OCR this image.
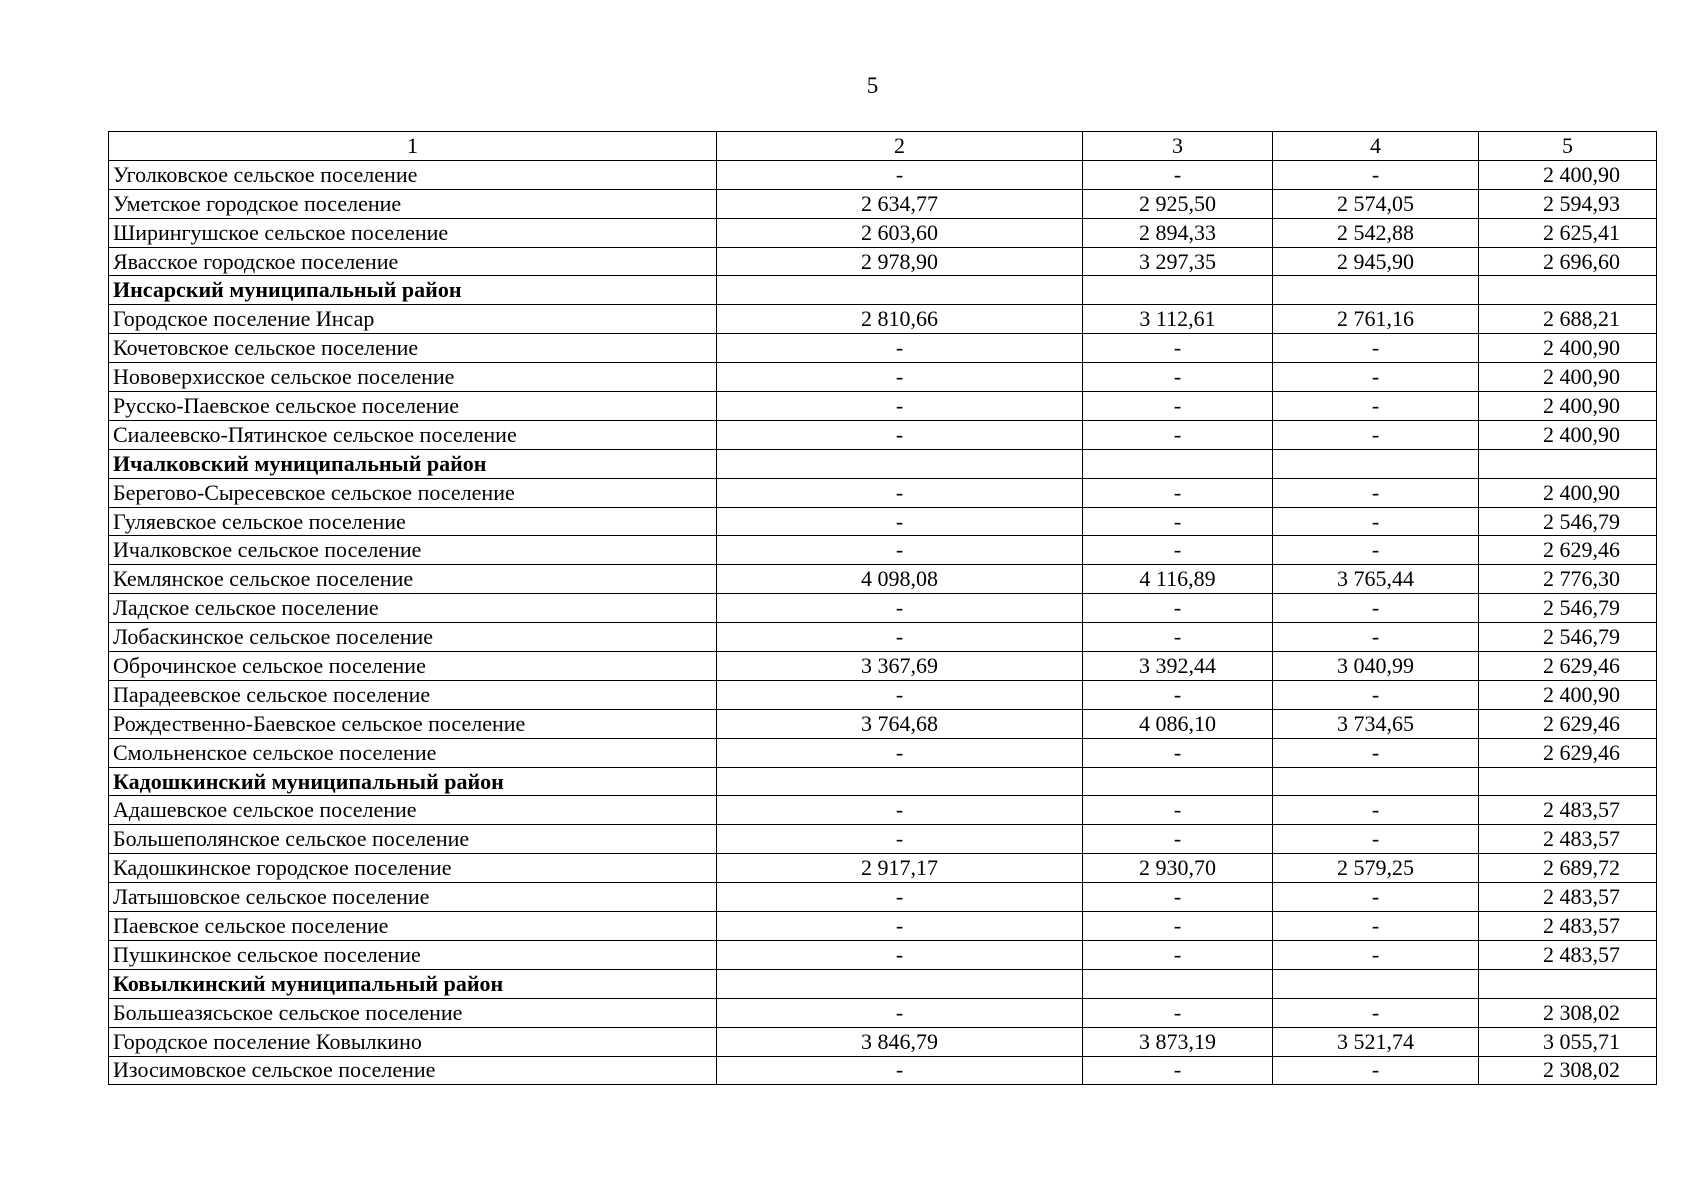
5
1	2	3	4	5
Уголковское сельское поселение	-	-	-	2 400,90
Уметское городское поселение	2 634,77	2 925,50	2 574,05	2 594,93
Ширингушское сельское поселение	2 603,60	2 894,33	2 542,88	2 625,41
Явасское городское поселение	2 978,90	3 297,35	2 945,90	2 696,60
Инсарский муниципальный район				
Городское поселение Инсар	2 810,66	3 112,61	2 761,16	2 688,21
Кочетовское сельское поселение	-	-	-	2 400,90
Нововерхисское сельское поселение	-	-	-	2 400,90
Русско-Паевское сельское поселение	-	-	-	2 400,90
Сиалеевско-Пятинское сельское поселение	-	-	-	2 400,90
Ичалковский муниципальный район				
Берегово-Сыресевское сельское поселение	-	-	-	2 400,90
Гуляевское сельское поселение	-	-	-	2 546,79
Ичалковское сельское поселение	-	-	-	2 629,46
Кемлянское сельское поселение	4 098,08	4 116,89	3 765,44	2 776,30
Ладское сельское поселение	-	-	-	2 546,79
Лобаскинское сельское поселение	-	-	-	2 546,79
Оброчинское сельское поселение	3 367,69	3 392,44	3 040,99	2 629,46
Парадеевское сельское поселение	-	-	-	2 400,90
Рождественно-Баевское сельское поселение	3 764,68	4 086,10	3 734,65	2 629,46
Смольненское сельское поселение	-	-	-	2 629,46
Кадошкинский муниципальный район				
Адашевское сельское поселение	-	-	-	2 483,57
Большеполянское сельское поселение	-	-	-	2 483,57
Кадошкинское городское поселение	2 917,17	2 930,70	2 579,25	2 689,72
Латышовское сельское поселение	-	-	-	2 483,57
Паевское сельское поселение	-	-	-	2 483,57
Пушкинское сельское поселение	-	-	-	2 483,57
Ковылкинский муниципальный район				
Большеазясьское сельское поселение	-	-	-	2 308,02
Городское поселение Ковылкино	3 846,79	3 873,19	3 521,74	3 055,71
Изосимовское сельское поселение	-	-	-	2 308,02
